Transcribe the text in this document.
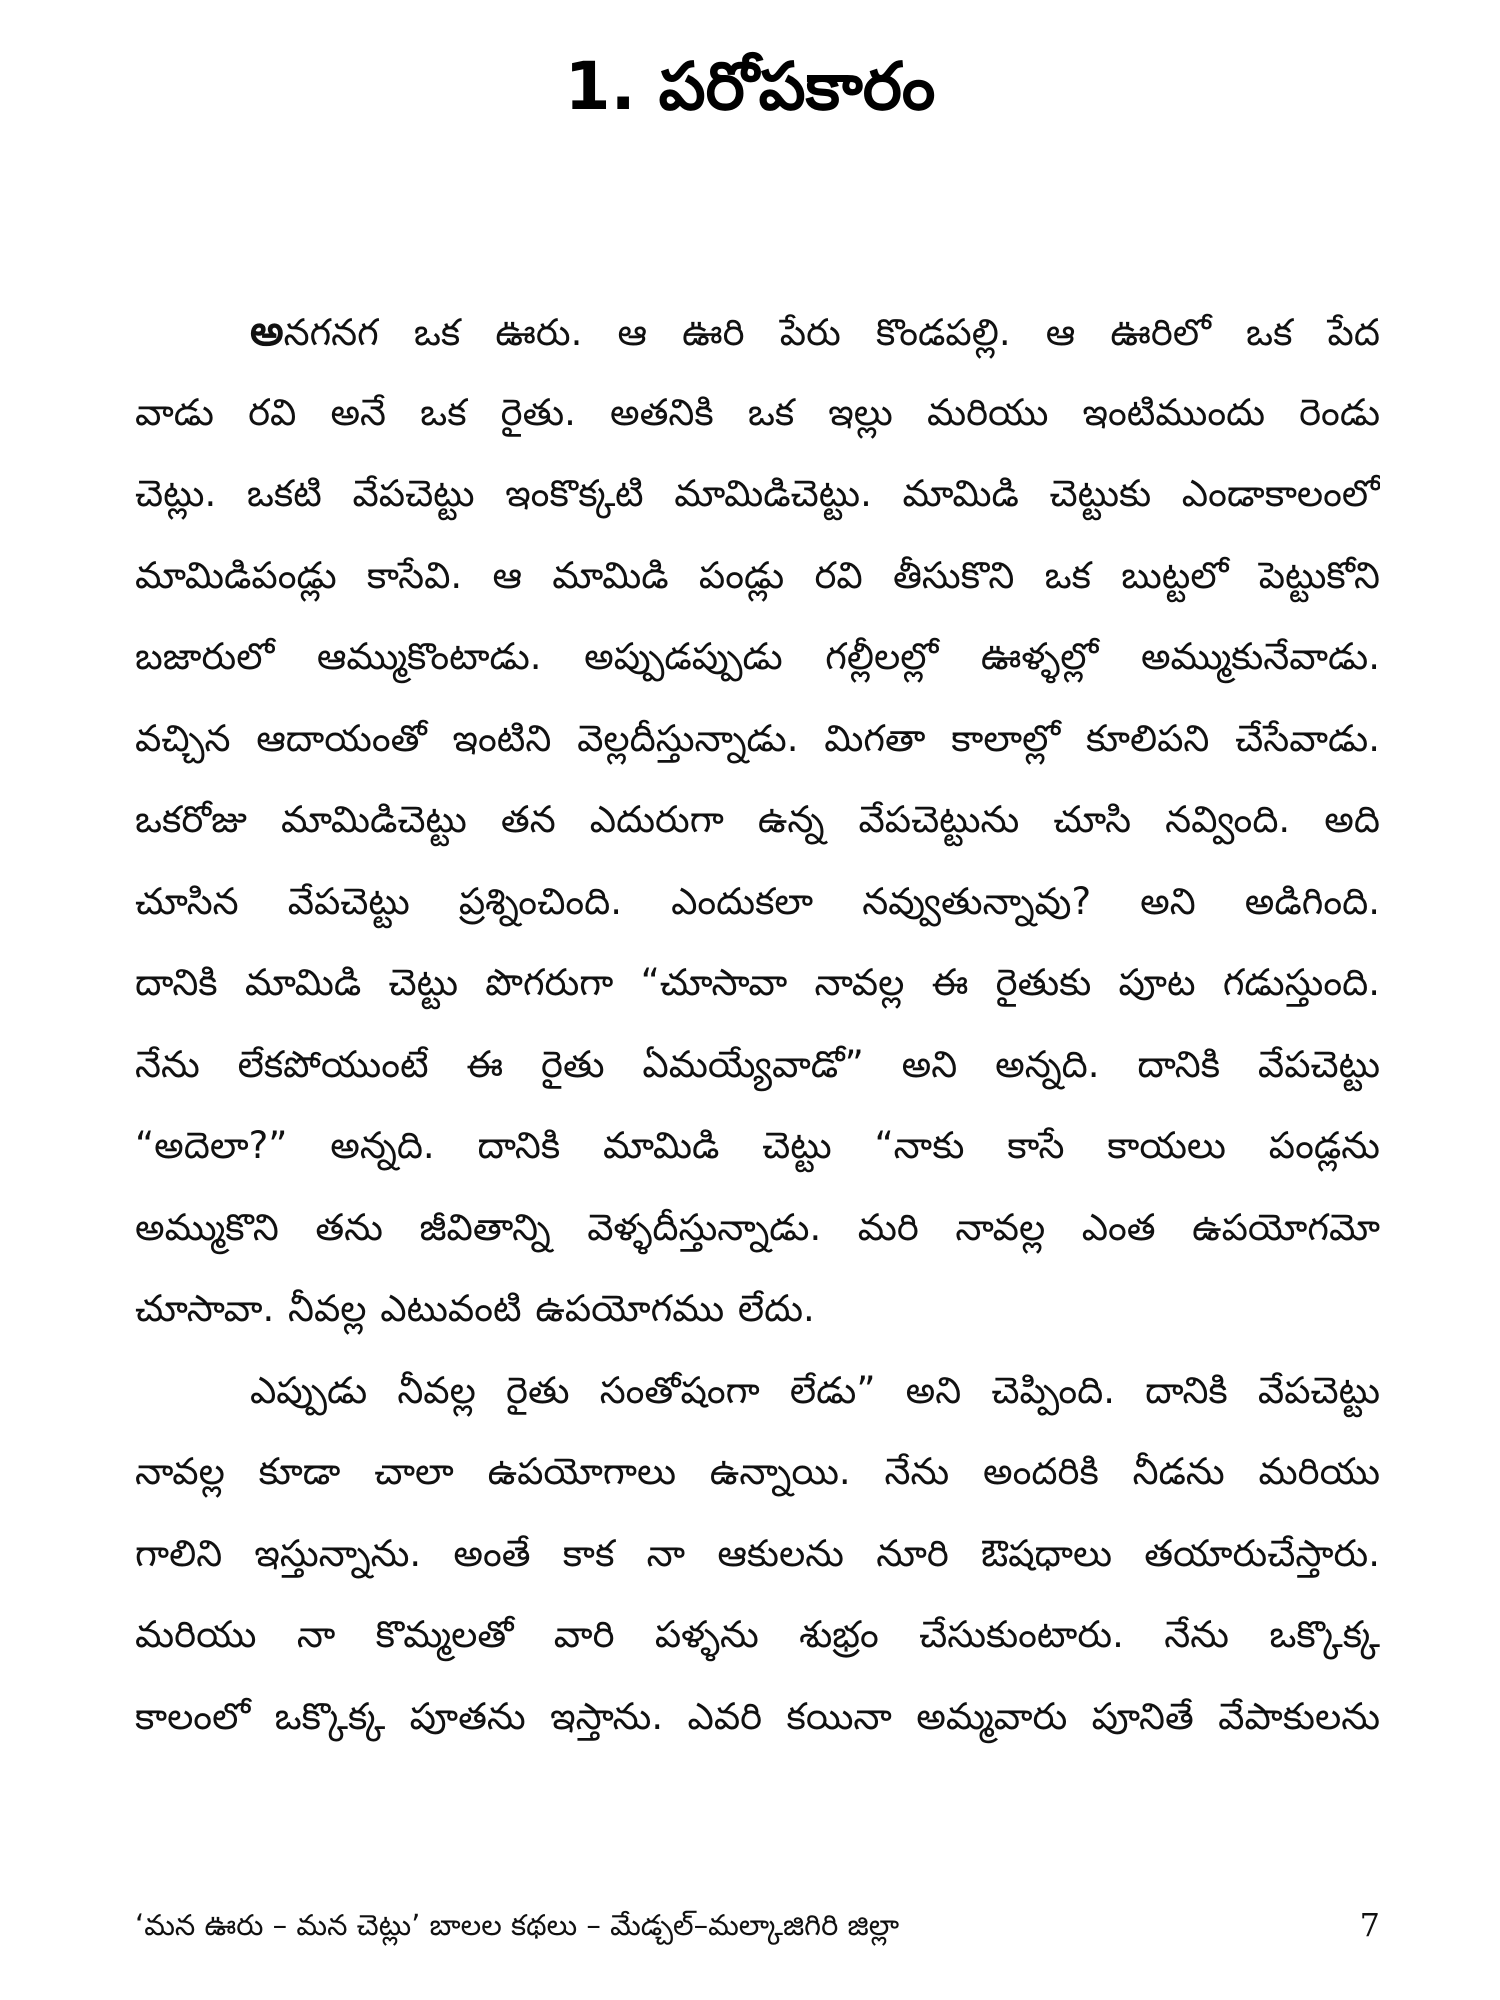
1. పరోపకారం
అనగనగ ఒక ఊరు. ఆ ఊరి పేరు కొండపల్లి. ఆ ఊరిలో ఒక పేద
వాడు రవి అనే ఒక రైతు. అతనికి ఒక ఇల్లు మరియు ఇంటిముందు రెండు
చెట్లు. ఒకటి వేపచెట్టు ఇంకొక్కటి మామిడిచెట్టు. మామిడి చెట్టుకు ఎండాకాలంలో
మామిడిపండ్లు కాసేవి. ఆ మామిడి పండ్లు రవి తీసుకొని ఒక బుట్టలో పెట్టుకోని
బజారులో ఆమ్ముకొంటాడు. అప్పుడప్పుడు గల్లీలల్లో ఊళ్ళల్లో అమ్ముకునేవాడు.
వచ్చిన ఆదాయంతో ఇంటిని వెల్లదీస్తున్నాడు. మిగతా కాలాల్లో కూలిపని చేసేవాడు.
ఒకరోజు మామిడిచెట్టు తన ఎదురుగా ఉన్న వేపచెట్టును చూసి నవ్వింది. అది
చూసిన వేపచెట్టు ప్రశ్నించింది. ఎందుకలా నవ్వుతున్నావు? అని అడిగింది.
దానికి మామిడి చెట్టు పొగరుగా “చూసావా నావల్ల ఈ రైతుకు పూట గడుస్తుంది.
నేను లేకపోయుంటే ఈ రైతు ఏమయ్యేవాడో” అని అన్నది. దానికి వేపచెట్టు
“అదెలా?” అన్నది. దానికి మామిడి చెట్టు “నాకు కాసే కాయలు పండ్లను
అమ్ముకొని తను జీవితాన్ని వెళ్ళదీస్తున్నాడు. మరి నావల్ల ఎంత ఉపయోగమో
చూసావా. నీవల్ల ఎటువంటి ఉపయోగము లేదు.
ఎప్పుడు నీవల్ల రైతు సంతోషంగా లేడు” అని చెప్పింది. దానికి వేపచెట్టు
నావల్ల కూడా చాలా ఉపయోగాలు ఉన్నాయి. నేను అందరికి నీడను మరియు
గాలిని ఇస్తున్నాను. అంతే కాక నా ఆకులను నూరి ఔషధాలు తయారుచేస్తారు.
మరియు నా కొమ్మలతో వారి పళ్ళను శుభ్రం చేసుకుంటారు. నేను ఒక్కొక్క
కాలంలో ఒక్కొక్క పూతను ఇస్తాను. ఎవరి కయినా అమ్మవారు పూనితే వేపాకులను
‘మన ఊరు – మన చెట్లు’ బాలల కథలు – మేడ్చల్–మల్కాజిగిరి జిల్లా	7
